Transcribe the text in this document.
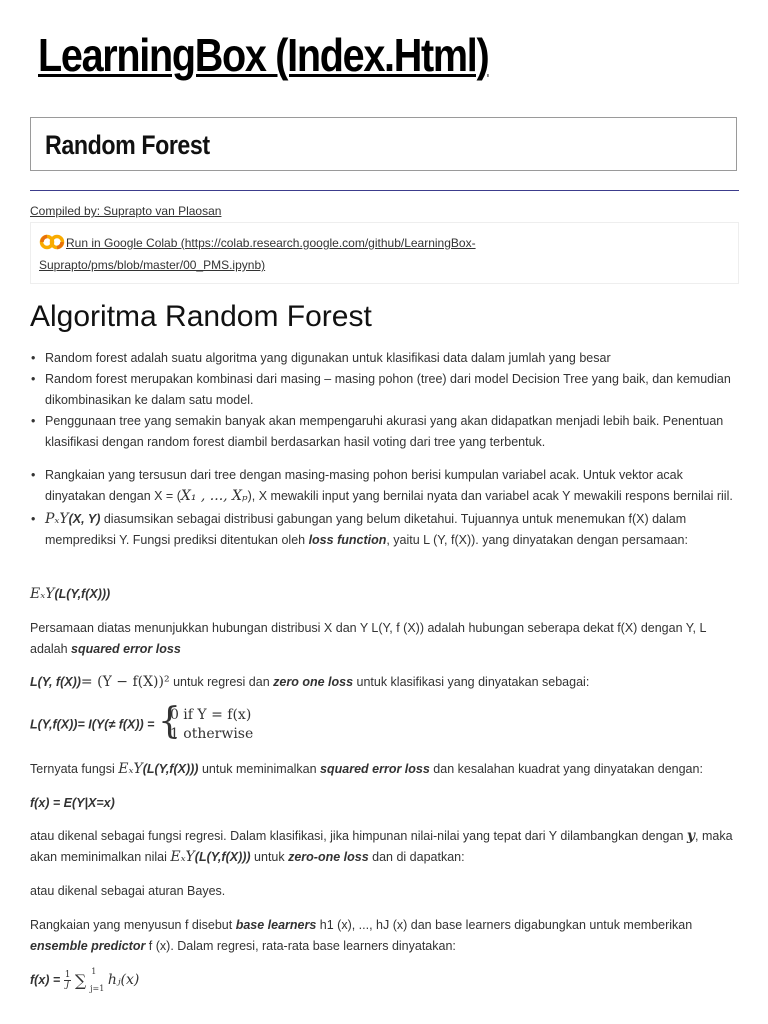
LearningBox (Index.Html)
Random Forest
Compiled by: Suprapto van Plaosan
Run in Google Colab (https://colab.research.google.com/github/LearningBox-
Suprapto/pms/blob/master/00_PMS.ipynb)
Algoritma Random Forest
• Random forest adalah suatu algoritma yang digunakan untuk klasifikasi data dalam jumlah yang besar
• Random forest merupakan kombinasi dari masing – masing pohon (tree) dari model Decision Tree yang baik, dan kemudian dikombinasikan ke dalam satu model.
• Penggunaan tree yang semakin banyak akan mempengaruhi akurasi yang akan didapatkan menjadi lebih baik. Penentuan klasifikasi dengan random forest diambil berdasarkan hasil voting dari tree yang terbentuk.
• Rangkaian yang tersusun dari tree dengan masing-masing pohon berisi kumpulan variabel acak. Untuk vektor acak dinyatakan dengan X = (X₁ , ..., Xₚ), X mewakili input yang bernilai nyata dan variabel acak Y mewakili respons bernilai riil.
• PₓY(X, Y) diasumsikan sebagai distribusi gabungan yang belum diketahui. Tujuannya untuk menemukan f(X) dalam memprediksi Y. Fungsi prediksi ditentukan oleh loss function, yaitu L (Y, f(X)). yang dinyatakan dengan persamaan:
EₓY(L(Y,f(X)))
Persamaan diatas menunjukkan hubungan distribusi X dan Y L(Y, f (X)) adalah hubungan seberapa dekat f(X) dengan Y, L adalah squared error loss
L(Y, f(X))= (Y − f(X))² untuk regresi dan zero one loss untuk klasifikasi yang dinyatakan sebagai:
L(Y,f(X))= I(Y(≠ f(X)) = {
0 if Y = f(x)
1 otherwise
Ternyata fungsi EₓY(L(Y,f(X))) untuk meminimalkan squared error loss dan kesalahan kuadrat yang dinyatakan dengan:
f(x) = E(Y|X=x)
atau dikenal sebagai fungsi regresi. Dalam klasifikasi, jika himpunan nilai-nilai yang tepat dari Y dilambangkan dengan y, maka akan meminimalkan nilai EₓY(L(Y,f(X))) untuk zero-one loss dan di dapatkan:
atau dikenal sebagai aturan Bayes.
Rangkaian yang menyusun f disebut base learners h1 (x), ..., hJ (x) dan base learners digabungkan untuk memberikan ensemble predictor f (x). Dalam regresi, rata-rata base learners dinyatakan:
$f(x) = \frac{1}{J}$ ∑ 1
j=1
hⱼ(x)
